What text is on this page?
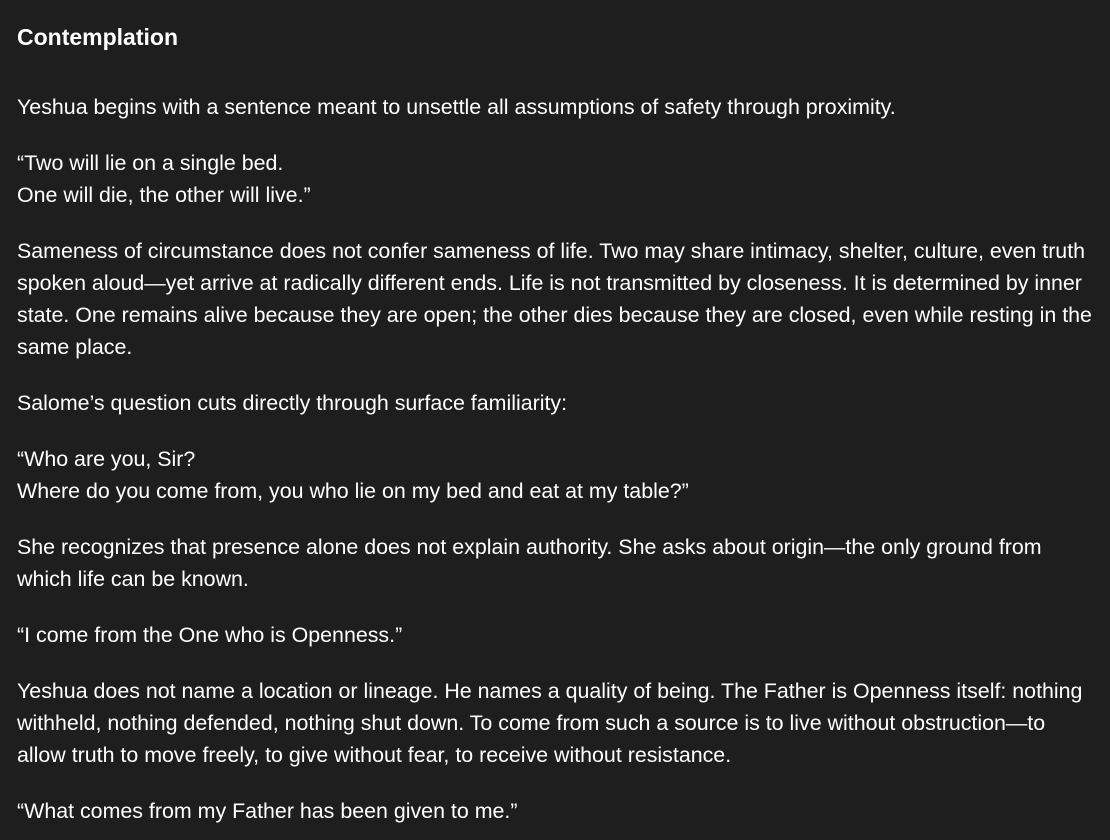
Contemplation

Yeshua begins with a sentence meant to unsettle all assumptions of safety through proximity.

“Two will lie on a single bed.
One will die, the other will live.”

Sameness of circumstance does not confer sameness of life. Two may share intimacy, shelter, culture, even truth spoken aloud—yet arrive at radically different ends. Life is not transmitted by closeness. It is determined by inner state. One remains alive because they are open; the other dies because they are closed, even while resting in the same place.

Salome’s question cuts directly through surface familiarity:

“Who are you, Sir?
Where do you come from, you who lie on my bed and eat at my table?”

She recognizes that presence alone does not explain authority. She asks about origin—the only ground from which life can be known.

“I come from the One who is Openness.”

Yeshua does not name a location or lineage. He names a quality of being. The Father is Openness itself: nothing withheld, nothing defended, nothing shut down. To come from such a source is to live without obstruction—to allow truth to move freely, to give without fear, to receive without resistance.

“What comes from my Father has been given to me.”
